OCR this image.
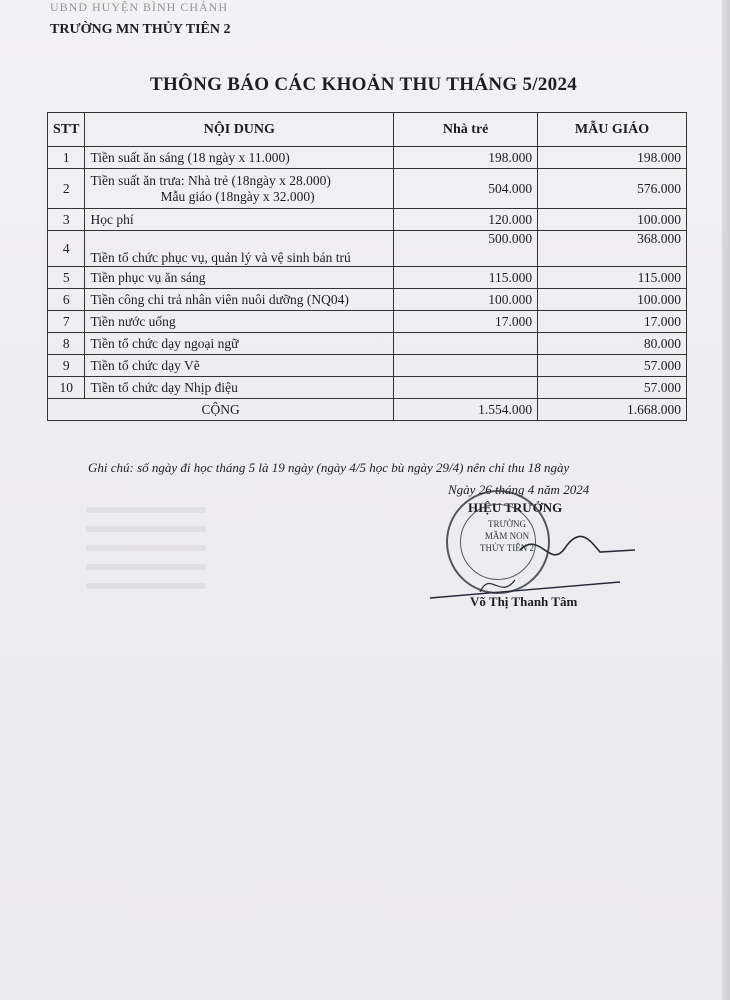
UBND HUYỆN BÌNH CHÁNH
TRƯỜNG MN THỦY TIÊN 2
THÔNG BÁO CÁC KHOẢN THU THÁNG 5/2024
STT	NỘI DUNG	Nhà trẻ	MẪU GIÁO
1	Tiền suất ăn sáng (18 ngày x 11.000)	198.000	198.000
2	Tiền suất ăn trưa: Nhà trẻ (18ngày x 28.000)
Mẫu giáo (18ngày x 32.000)	504.000	576.000
3	Học phí	120.000	100.000
4	Tiền tổ chức phục vụ, quản lý và vệ sinh bán trú	500.000	368.000
5	Tiền phục vụ ăn sáng	115.000	115.000
6	Tiền công chi trả nhân viên nuôi dưỡng (NQ04)	100.000	100.000
7	Tiền nước uống	17.000	17.000
8	Tiền tổ chức dạy ngoại ngữ		80.000
9	Tiền tổ chức dạy Vẽ		57.000
10	Tiền tổ chức dạy Nhịp điệu		57.000
CỘNG		1.554.000	1.668.000
Ghi chú: số ngày đi học tháng 5 là 19 ngày (ngày 4/5 học bù ngày 29/4) nên chỉ thu 18 ngày
Ngày 26 tháng 4 năm 2024
HIỆU TRƯỞNG
TRƯỜNG
MẦM NON
THỦY TIÊN 2
Võ Thị Thanh Tâm
